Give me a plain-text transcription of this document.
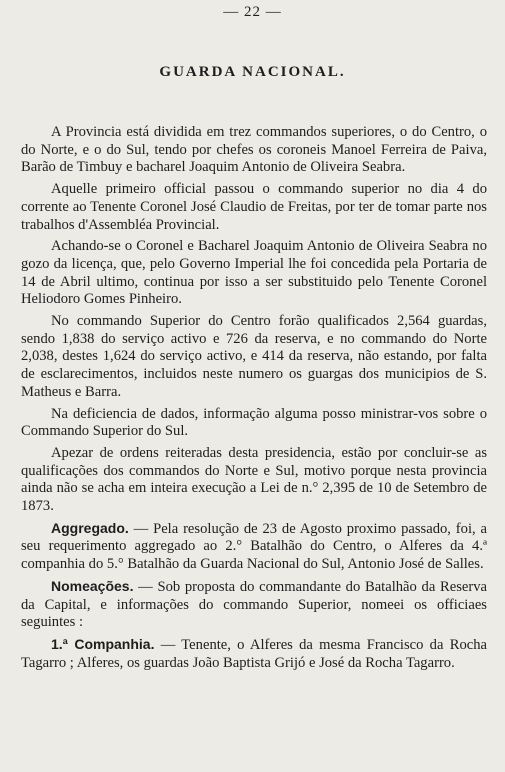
— 22 —
GUARDA NACIONAL.

A Provincia está dividida em trez commandos superiores, o do Centro, o do Norte, e o do Sul, tendo por chefes os coroneis Manoel Ferreira de Paiva, Barão de Timbuy e bacharel Joaquim Antonio de Oliveira Seabra.

Aquelle primeiro official passou o commando superior no dia 4 do corrente ao Tenente Coronel José Claudio de Freitas, por ter de tomar parte nos trabalhos d'Assembléa Provincial.

Achando-se o Coronel e Bacharel Joaquim Antonio de Oliveira Seabra no gozo da licença, que, pelo Governo Imperial lhe foi concedida pela Portaria de 14 de Abril ultimo, continua por isso a ser substituido pelo Tenente Coronel Heliodoro Gomes Pinheiro.

No commando Superior do Centro forão qualificados 2,564 guardas, sendo 1,838 do serviço activo e 726 da reserva, e no commando do Norte 2,038, destes 1,624 do serviço activo, e 414 da reserva, não estando, por falta de esclarecimentos, incluidos neste numero os guargas dos municipios de S. Matheus e Barra.

Na deficiencia de dados, informação alguma posso ministrar-vos sobre o Commando Superior do Sul.

Apezar de ordens reiteradas desta presidencia, estão por concluir-se as qualificações dos commandos do Norte e Sul, motivo porque nesta provincia ainda não se acha em inteira execução a Lei de n.° 2,395 de 10 de Setembro de 1873.

Aggregado. — Pela resolução de 23 de Agosto proximo passado, foi, a seu requerimento aggregado ao 2.° Batalhão do Centro, o Alferes da 4.ª companhia do 5.° Batalhão da Guarda Nacional do Sul, Antonio José de Salles.

Nomeações. — Sob proposta do commandante do Batalhão da Reserva da Capital, e informações do commando Superior, nomeei os officiaes seguintes :

1.ª Companhia. — Tenente, o Alferes da mesma Francisco da Rocha Tagarro ; Alferes, os guardas João Baptista Grijó e José da Rocha Tagarro.
